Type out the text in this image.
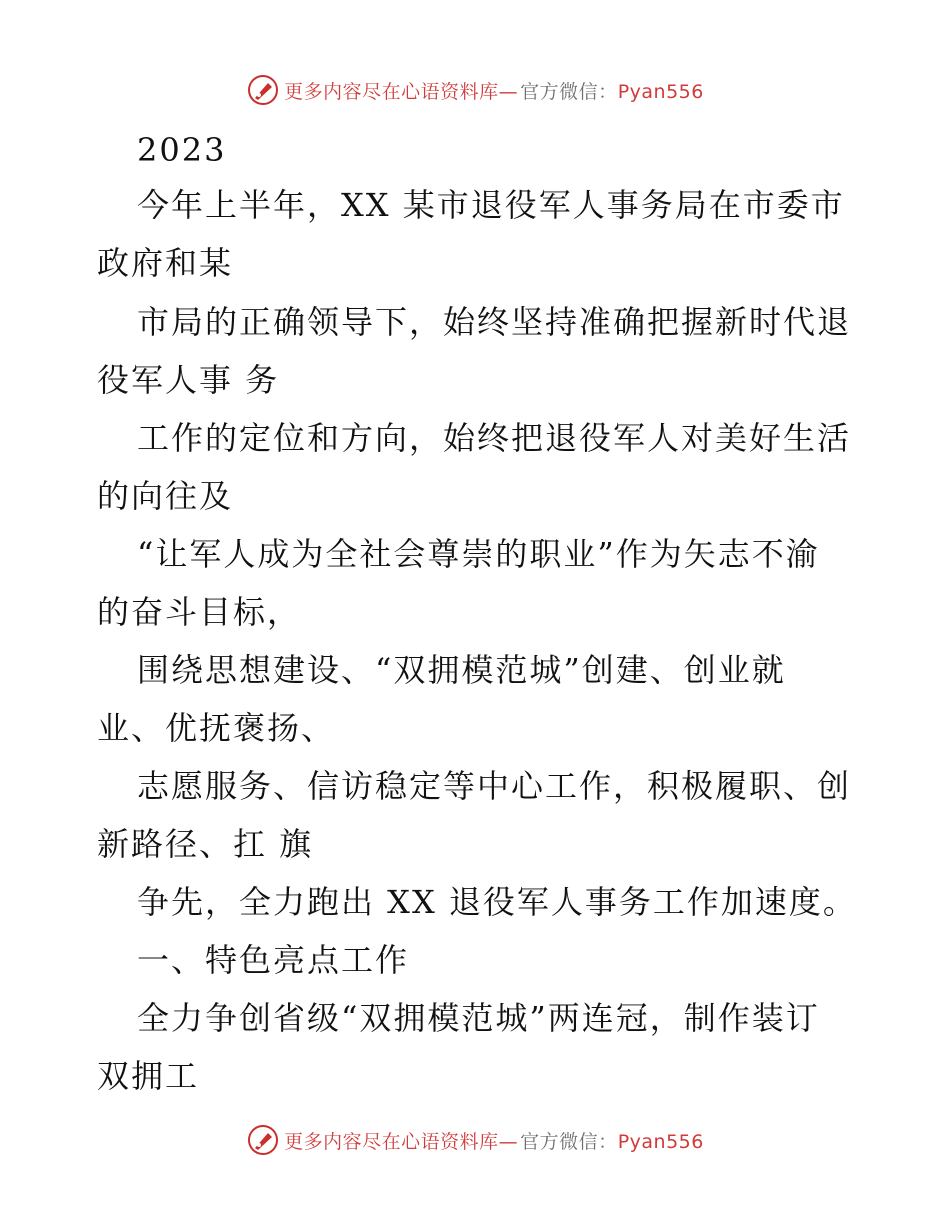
更多内容尽在心语资料库— 官方微信：Pyan556
2023
今年上半年，XX 某市退役军人事务局在市委市
政府和某
市局的正确领导下，始终坚持准确把握新时代退
役军人事 务
工作的定位和方向，始终把退役军人对美好生活
的向往及
“让军人成为全社会尊崇的职业”作为矢志不渝
的奋斗目标，
围绕思想建设、“双拥模范城”创建、创业就
业、优抚褒扬、
志愿服务、信访稳定等中心工作，积极履职、创
新路径、扛 旗
争先，全力跑出 XX 退役军人事务工作加速度。
一、特色亮点工作
全力争创省级“双拥模范城”两连冠，制作装订
双拥工
更多内容尽在心语资料库— 官方微信：Pyan556
